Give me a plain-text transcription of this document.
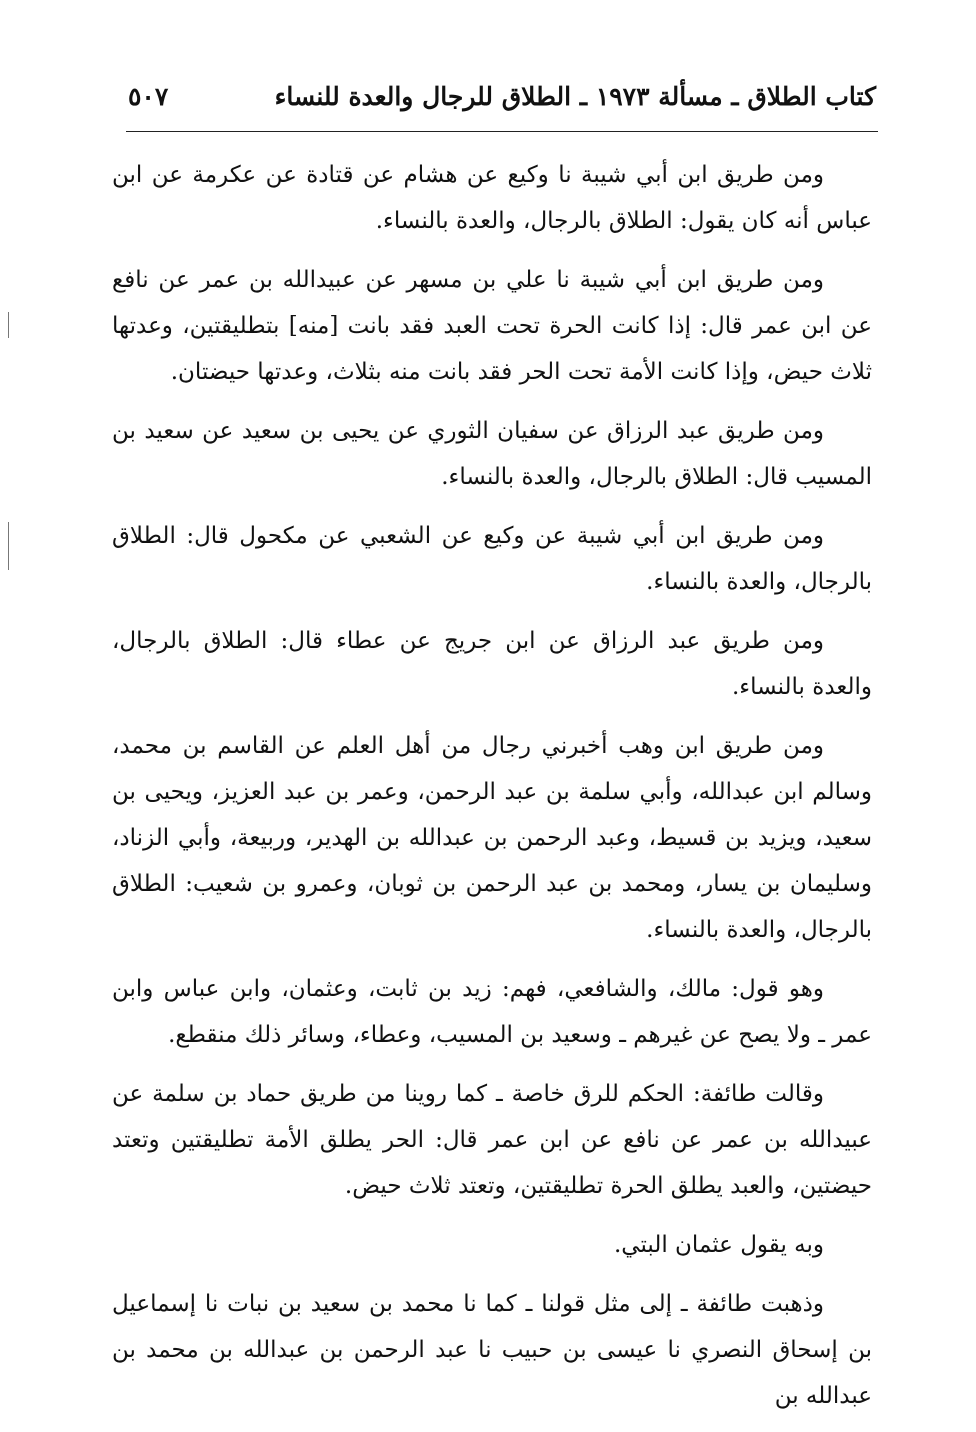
كتاب الطلاق ـ مسألة ١٩٧٣ ـ الطلاق للرجال والعدة للنساء
٥٠٧

ومن طريق ابن أبي شيبة نا وكيع عن هشام عن قتادة عن عكرمة عن ابن عباس أنه كان يقول: الطلاق بالرجال، والعدة بالنساء.

ومن طريق ابن أبي شيبة نا علي بن مسهر عن عبيدالله بن عمر عن نافع عن ابن عمر قال: إذا كانت الحرة تحت العبد فقد بانت [منه] بتطليقتين، وعدتها ثلاث حيض، وإذا كانت الأمة تحت الحر فقد بانت منه بثلاث، وعدتها حيضتان.

ومن طريق عبد الرزاق عن سفيان الثوري عن يحيى بن سعيد عن سعيد بن المسيب قال: الطلاق بالرجال، والعدة بالنساء.

ومن طريق ابن أبي شيبة عن وكيع عن الشعبي عن مكحول قال: الطلاق بالرجال، والعدة بالنساء.

ومن طريق عبد الرزاق عن ابن جريج عن عطاء قال: الطلاق بالرجال، والعدة بالنساء.

ومن طريق ابن وهب أخبرني رجال من أهل العلم عن القاسم بن محمد، وسالم ابن عبدالله، وأبي سلمة بن عبد الرحمن، وعمر بن عبد العزيز، ويحيى بن سعيد، ويزيد بن قسيط، وعبد الرحمن بن عبدالله بن الهدير، وربيعة، وأبي الزناد، وسليمان بن يسار، ومحمد بن عبد الرحمن بن ثوبان، وعمرو بن شعيب: الطلاق بالرجال، والعدة بالنساء.

وهو قول: مالك، والشافعي، فهم: زيد بن ثابت، وعثمان، وابن عباس وابن عمر ـ ولا يصح عن غيرهم ـ وسعيد بن المسيب، وعطاء، وسائر ذلك منقطع.

وقالت طائفة: الحكم للرق خاصة ـ كما روينا من طريق حماد بن سلمة عن عبيدالله بن عمر عن نافع عن ابن عمر قال: الحر يطلق الأمة تطليقتين وتعتد حيضتين، والعبد يطلق الحرة تطليقتين، وتعتد ثلاث حيض.

وبه يقول عثمان البتي.

وذهبت طائفة ـ إلى مثل قولنا ـ كما نا محمد بن سعيد بن نبات نا إسماعيل بن إسحاق النصري نا عيسى بن حبيب نا عبد الرحمن بن عبدالله بن محمد بن عبدالله بن
